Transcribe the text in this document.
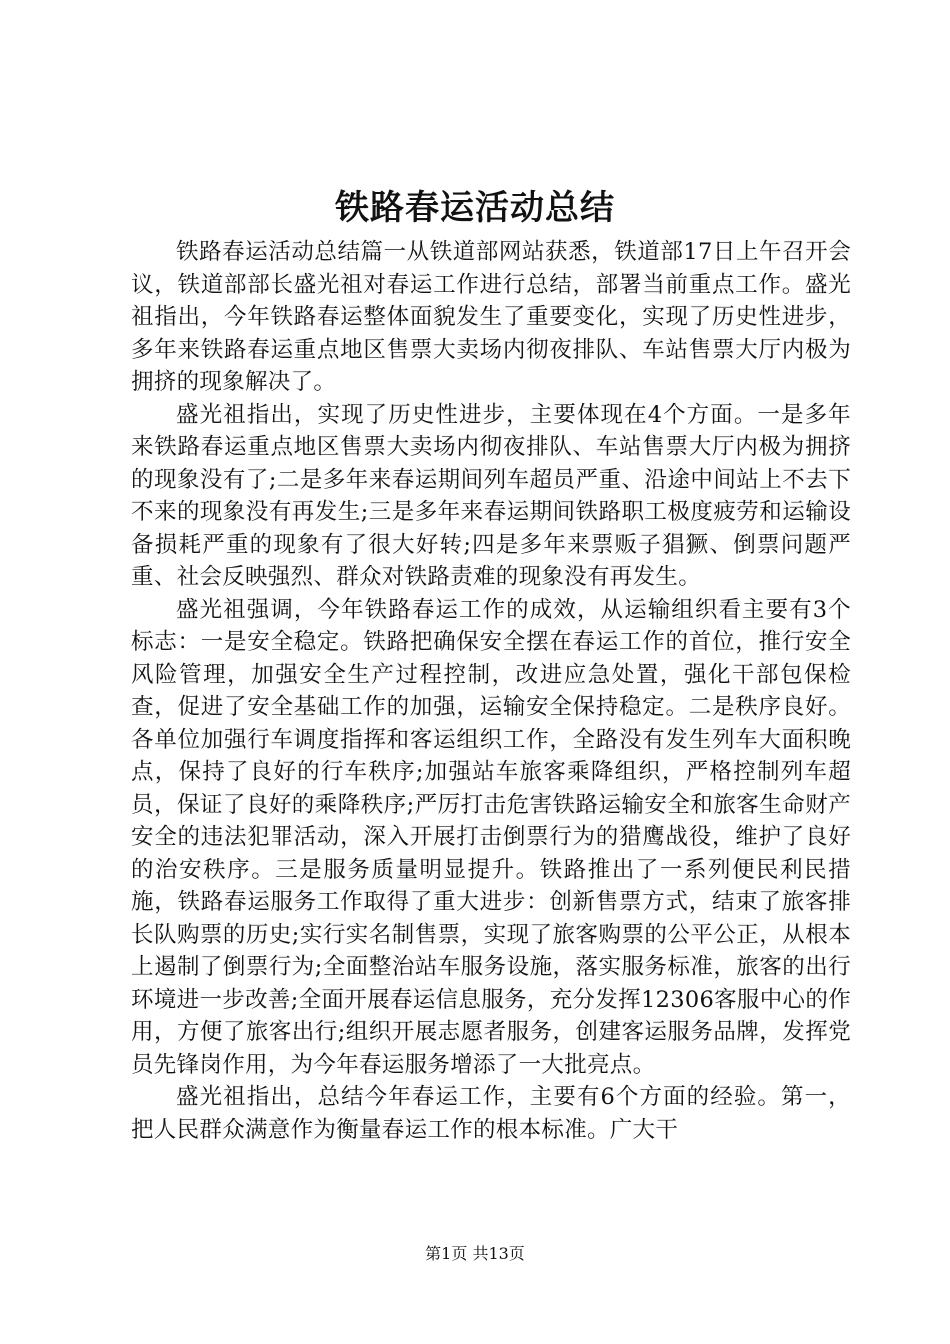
铁路春运活动总结

铁路春运活动总结篇一从铁道部网站获悉，铁道部17日上午召开会议，铁道部部长盛光祖对春运工作进行总结，部署当前重点工作。盛光祖指出，今年铁路春运整体面貌发生了重要变化，实现了历史性进步，多年来铁路春运重点地区售票大卖场内彻夜排队、车站售票大厅内极为拥挤的现象解决了。

盛光祖指出，实现了历史性进步，主要体现在4个方面。一是多年来铁路春运重点地区售票大卖场内彻夜排队、车站售票大厅内极为拥挤的现象没有了;二是多年来春运期间列车超员严重、沿途中间站上不去下不来的现象没有再发生;三是多年来春运期间铁路职工极度疲劳和运输设备损耗严重的现象有了很大好转;四是多年来票贩子猖獗、倒票问题严重、社会反映强烈、群众对铁路责难的现象没有再发生。

盛光祖强调，今年铁路春运工作的成效，从运输组织看主要有3个标志：一是安全稳定。铁路把确保安全摆在春运工作的首位，推行安全风险管理，加强安全生产过程控制，改进应急处置，强化干部包保检查，促进了安全基础工作的加强，运输安全保持稳定。二是秩序良好。各单位加强行车调度指挥和客运组织工作，全路没有发生列车大面积晚点，保持了良好的行车秩序;加强站车旅客乘降组织，严格控制列车超员，保证了良好的乘降秩序;严厉打击危害铁路运输安全和旅客生命财产安全的违法犯罪活动，深入开展打击倒票行为的猎鹰战役，维护了良好的治安秩序。三是服务质量明显提升。铁路推出了一系列便民利民措施，铁路春运服务工作取得了重大进步：创新售票方式，结束了旅客排长队购票的历史;实行实名制售票，实现了旅客购票的公平公正，从根本上遏制了倒票行为;全面整治站车服务设施，落实服务标准，旅客的出行环境进一步改善;全面开展春运信息服务，充分发挥12306客服中心的作用，方便了旅客出行;组织开展志愿者服务，创建客运服务品牌，发挥党员先锋岗作用，为今年春运服务增添了一大批亮点。

盛光祖指出，总结今年春运工作，主要有6个方面的经验。第一，把人民群众满意作为衡量春运工作的根本标准。广大干

第1页 共13页
